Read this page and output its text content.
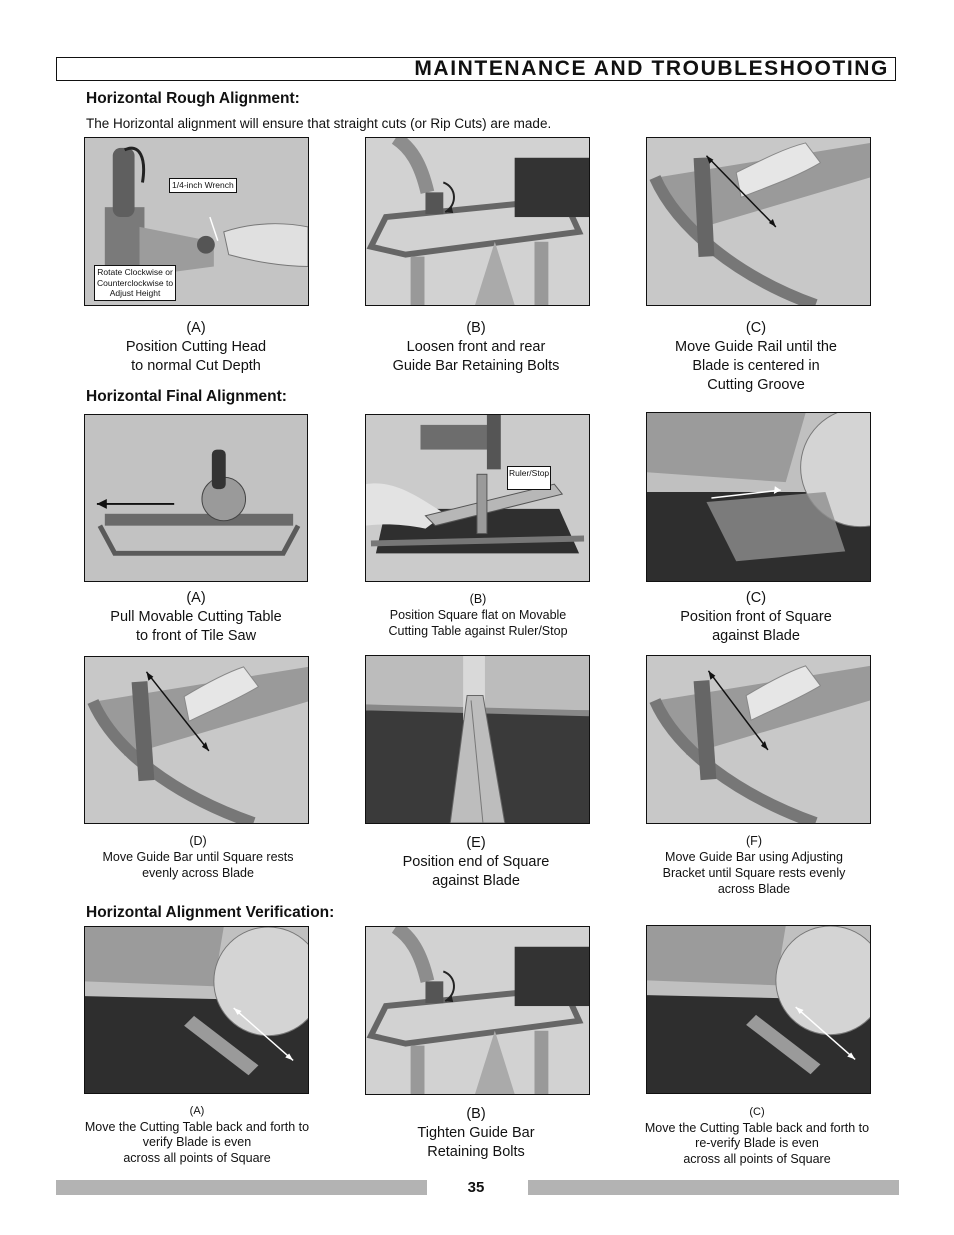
MAINTENANCE AND TROUBLESHOOTING
Horizontal Rough Alignment:
The Horizontal alignment will ensure that straight cuts (or Rip Cuts) are made.
1/4-inch Wrench
Rotate Clockwise or
Counterclockwise to
Adjust Height
(A)
Position Cutting Head
to normal Cut Depth
(B)
Loosen front and rear
Guide Bar Retaining Bolts
(C)
Move Guide Rail until the
Blade is centered in
Cutting Groove
Horizontal Final Alignment:
Ruler/Stop
(A)
Pull Movable Cutting Table
to front of Tile Saw
(B)
Position Square flat on Movable
Cutting Table against Ruler/Stop
(C)
Position front of Square
against Blade
(D)
Move Guide Bar until Square rests
evenly across Blade
(E)
Position end of Square
against Blade
(F)
Move Guide Bar using Adjusting
Bracket until Square rests evenly
across Blade
Horizontal Alignment Verification:
(A)
Move the Cutting Table back and forth to
verify Blade is even
across all points of Square
(B)
Tighten Guide Bar
Retaining Bolts
(C)
Move the Cutting Table back and forth to
re-verify Blade is even
across all points of Square
35
